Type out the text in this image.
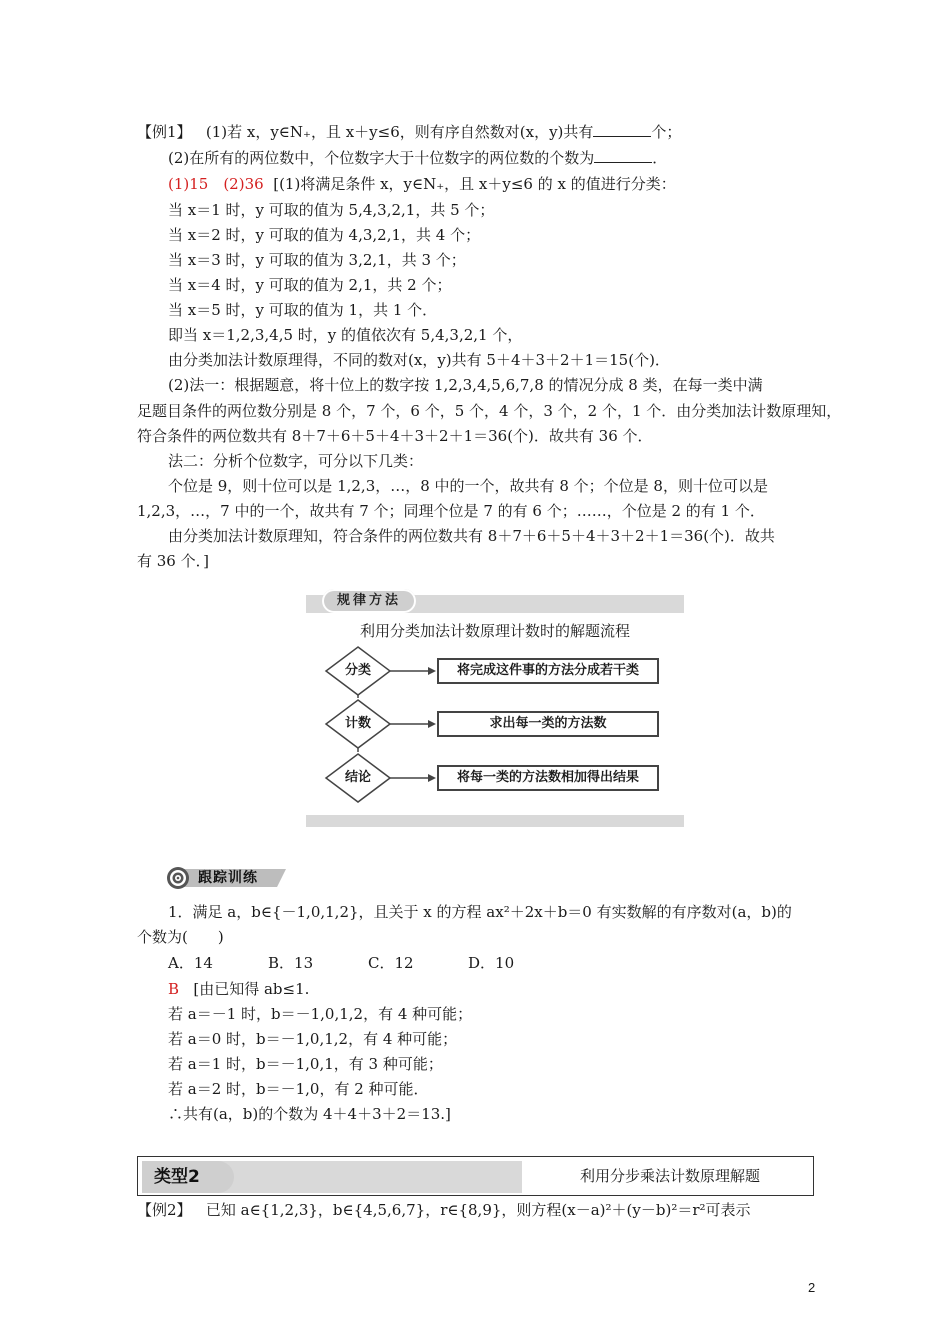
【例1】 (1)若 x，y∈N₊，且 x＋y≤6，则有序自然数对(x，y)共有	个；
(2)在所有的两位数中，个位数字大于十位数字的两位数的个数为	．
(1)15　(2)36 [(1)将满足条件 x，y∈N₊，且 x＋y≤6 的 x 的值进行分类：
当 x＝1 时，y 可取的值为 5,4,3,2,1，共 5 个；
当 x＝2 时，y 可取的值为 4,3,2,1，共 4 个；
当 x＝3 时，y 可取的值为 3,2,1，共 3 个；
当 x＝4 时，y 可取的值为 2,1，共 2 个；
当 x＝5 时，y 可取的值为 1，共 1 个．
即当 x＝1,2,3,4,5 时，y 的值依次有 5,4,3,2,1 个，
由分类加法计数原理得，不同的数对(x，y)共有 5＋4＋3＋2＋1＝15(个)．
(2)法一：根据题意，将十位上的数字按 1,2,3,4,5,6,7,8 的情况分成 8 类，在每一类中满
足题目条件的两位数分别是 8 个，7 个，6 个，5 个，4 个，3 个，2 个，1 个．由分类加法计数原理知，
符合条件的两位数共有 8＋7＋6＋5＋4＋3＋2＋1＝36(个)．故共有 36 个．
法二：分析个位数字，可分以下几类：
个位是 9，则十位可以是 1,2,3，…，8 中的一个，故共有 8 个；个位是 8，则十位可以是
1,2,3，…，7 中的一个，故共有 7 个；同理个位是 7 的有 6 个；……，个位是 2 的有 1 个．
由分类加法计数原理知，符合条件的两位数共有 8＋7＋6＋5＋4＋3＋2＋1＝36(个)．故共
有 36 个．]
规律方法
利用分类加法计数原理计数时的解题流程
分类
计数
结论
将完成这件事的方法分成若干类
求出每一类的方法数
将每一类的方法数相加得出结果
跟踪训练
1．满足 a，b∈{－1,0,1,2}，且关于 x 的方程 ax²＋2x＋b＝0 有实数解的有序数对(a，b)的
个数为(　　)
A．14	B．13	C．12	D．10
B [由已知得 ab≤1.
若 a＝－1 时，b＝－1,0,1,2，有 4 种可能；
若 a＝0 时，b＝－1,0,1,2，有 4 种可能；
若 a＝1 时，b＝－1,0,1，有 3 种可能；
若 a＝2 时，b＝－1,0，有 2 种可能．
∴共有(a，b)的个数为 4＋4＋3＋2＝13.]
类型2	利用分步乘法计数原理解题
【例2】 已知 a∈{1,2,3}，b∈{4,5,6,7}，r∈{8,9}，则方程(x－a)²＋(y－b)²＝r²可表示
2
